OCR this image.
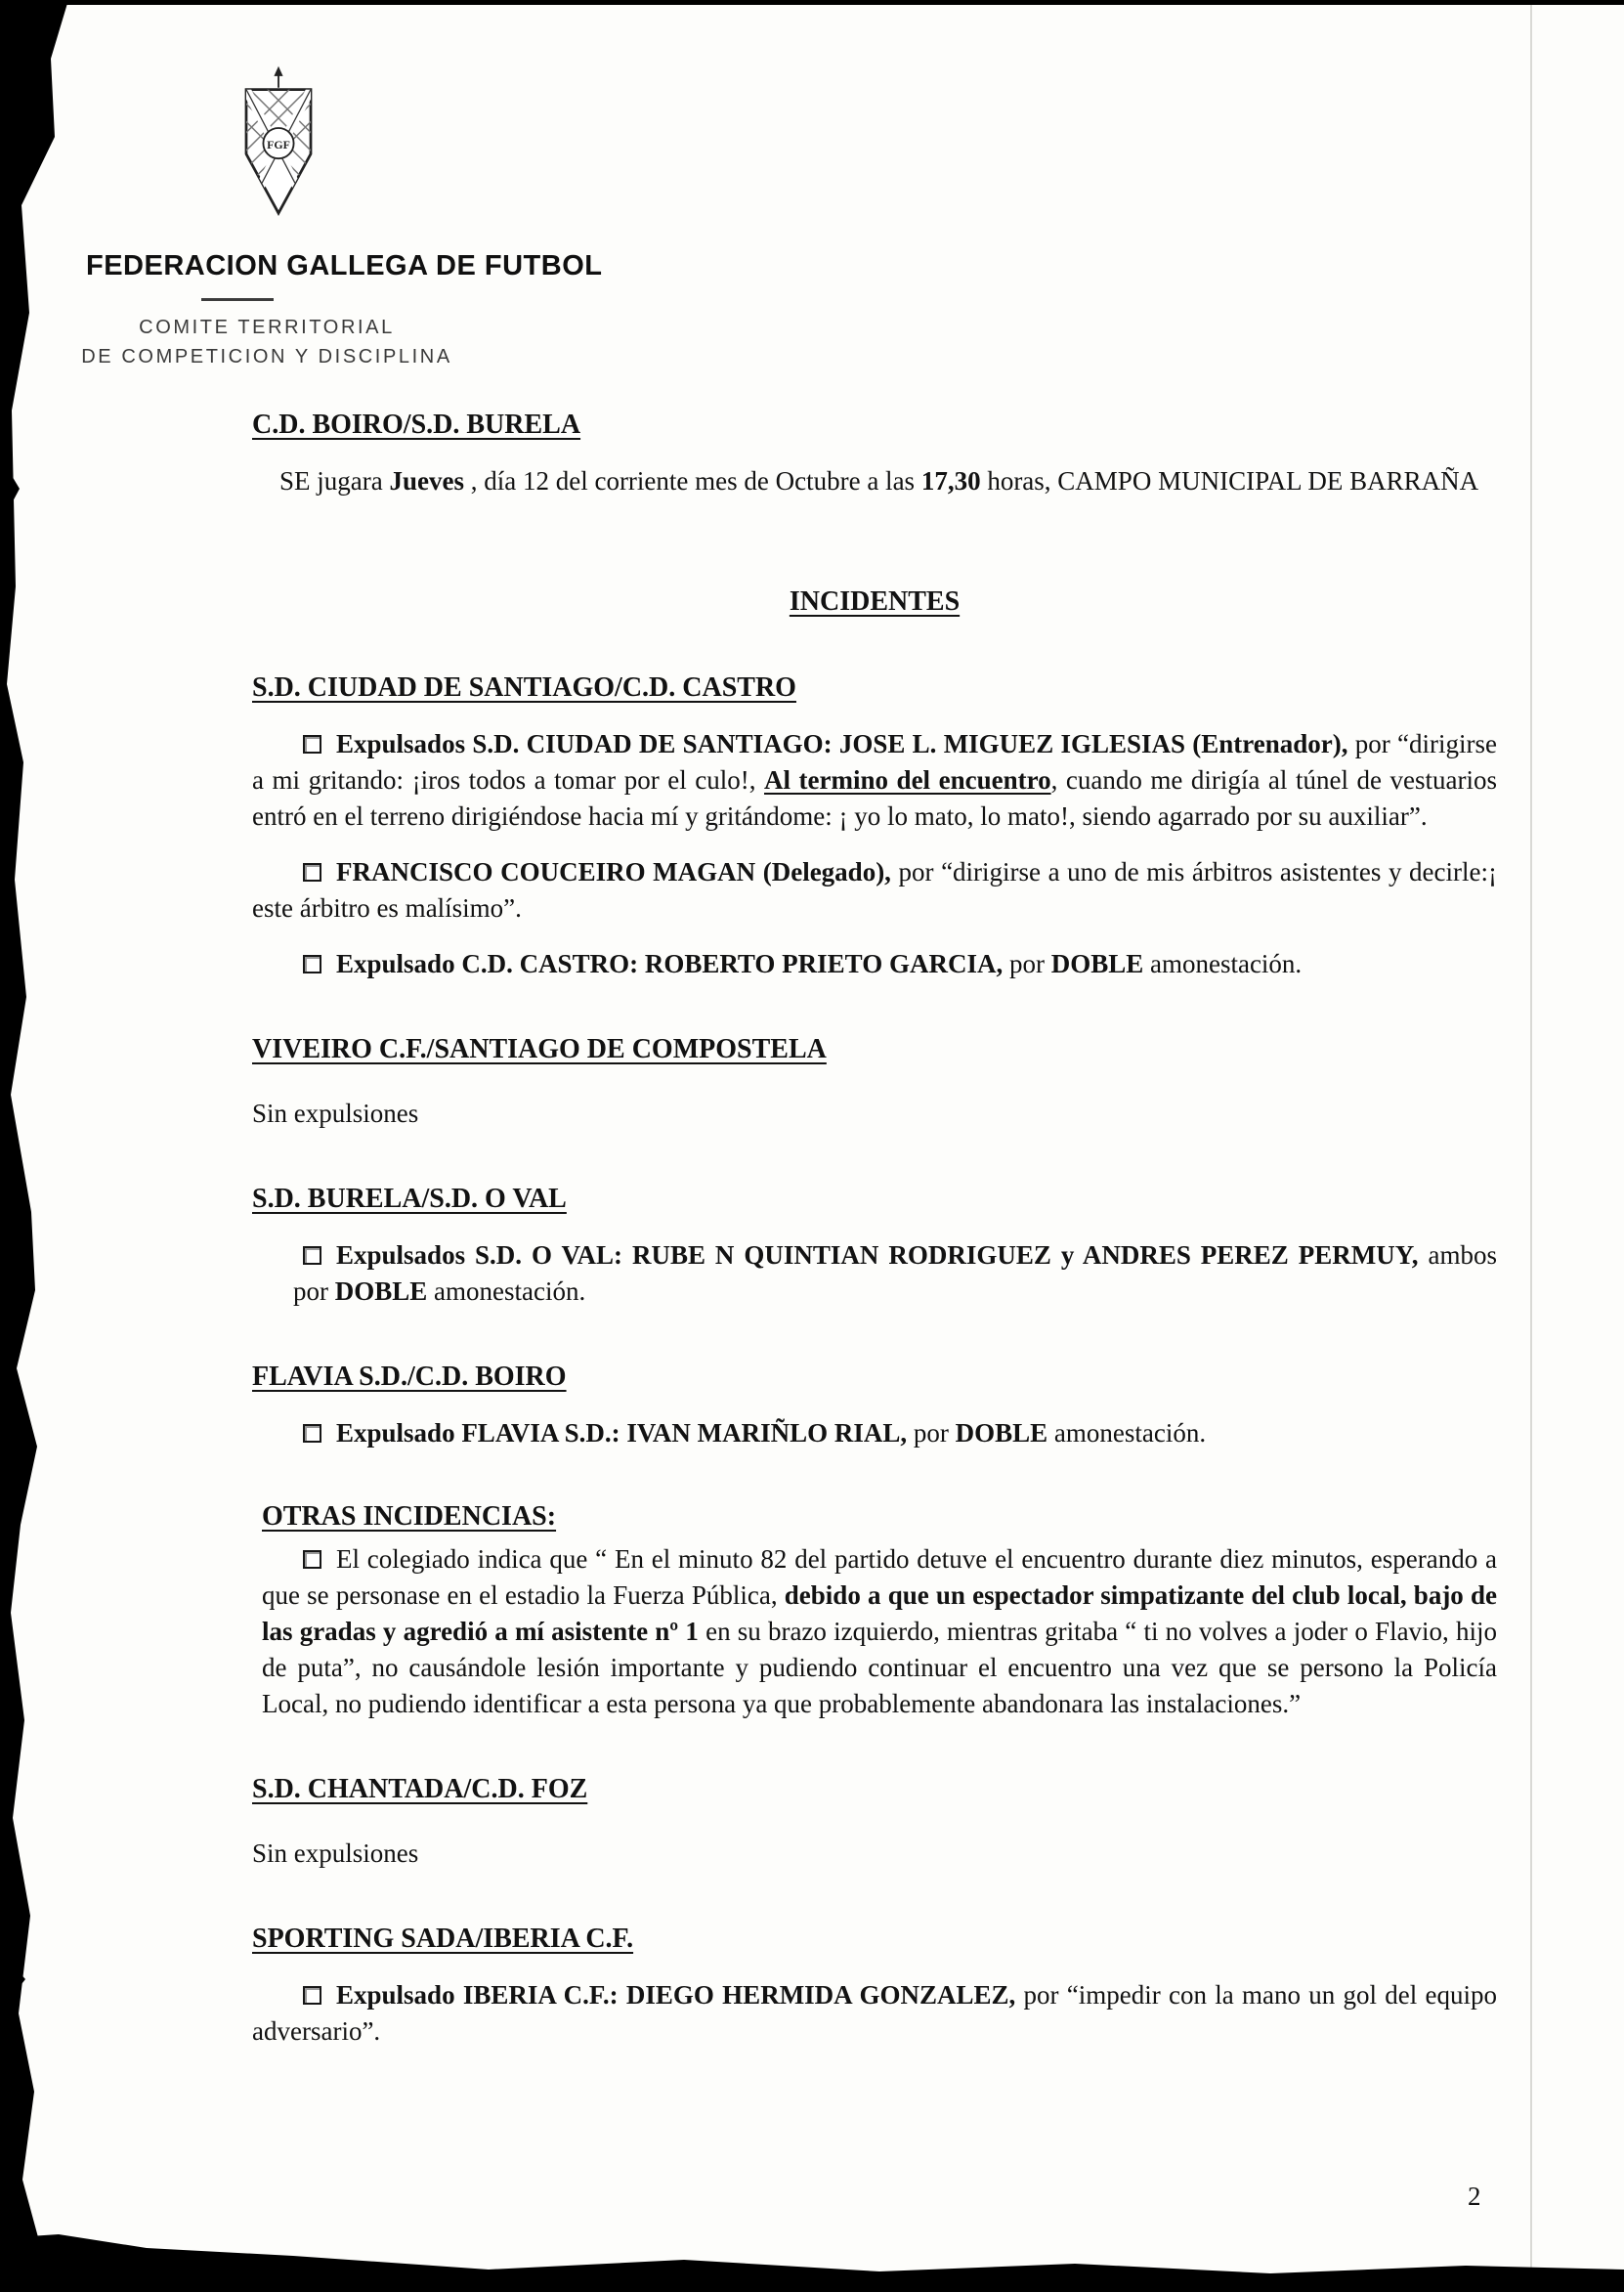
FGF
FEDERACION GALLEGA DE FUTBOL
COMITE TERRITORIAL
DE COMPETICION Y DISCIPLINA
C.D. BOIRO/S.D. BURELA

SE jugara Jueves , día 12 del corriente mes de Octubre a las 17,30 horas, CAMPO MUNICIPAL DE BARRAÑA

INCIDENTES
S.D. CIUDAD DE SANTIAGO/C.D. CASTRO

Expulsados S.D. CIUDAD DE SANTIAGO: JOSE L. MIGUEZ IGLESIAS (Entrenador), por “dirigirse a mi gritando: ¡iros todos a tomar por el culo!, Al termino del encuentro, cuando me dirigía al túnel de vestuarios entró en el terreno dirigiéndose hacia mí y gritándome: ¡ yo lo mato, lo mato!, siendo agarrado por su auxiliar”.

FRANCISCO COUCEIRO MAGAN (Delegado), por “dirigirse a uno de mis árbitros asistentes y decirle:¡ este árbitro es malísimo”.

Expulsado C.D. CASTRO: ROBERTO PRIETO GARCIA, por DOBLE amonestación.

VIVEIRO C.F./SANTIAGO DE COMPOSTELA

Sin expulsiones

S.D. BURELA/S.D. O VAL

Expulsados S.D. O VAL: RUBE N QUINTIAN RODRIGUEZ y ANDRES PEREZ PERMUY, ambos por DOBLE amonestación.

FLAVIA S.D./C.D. BOIRO

Expulsado FLAVIA S.D.: IVAN MARIÑLO RIAL, por DOBLE amonestación.

OTRAS INCIDENCIAS:

El colegiado indica que “ En el minuto 82 del partido detuve el encuentro durante diez minutos, esperando a que se personase en el estadio la Fuerza Pública, debido a que un espectador simpatizante del club local, bajo de las gradas y agredió a mí asistente nº 1 en su brazo izquierdo, mientras gritaba “ ti no volves a joder o Flavio, hijo de puta”, no causándole lesión importante y pudiendo continuar el encuentro una vez que se persono la Policía Local, no pudiendo identificar a esta persona ya que probablemente abandonara las instalaciones.”

S.D. CHANTADA/C.D. FOZ

Sin expulsiones

SPORTING SADA/IBERIA C.F.

Expulsado IBERIA C.F.: DIEGO HERMIDA GONZALEZ, por “impedir con la mano un gol del equipo adversario”.

2
